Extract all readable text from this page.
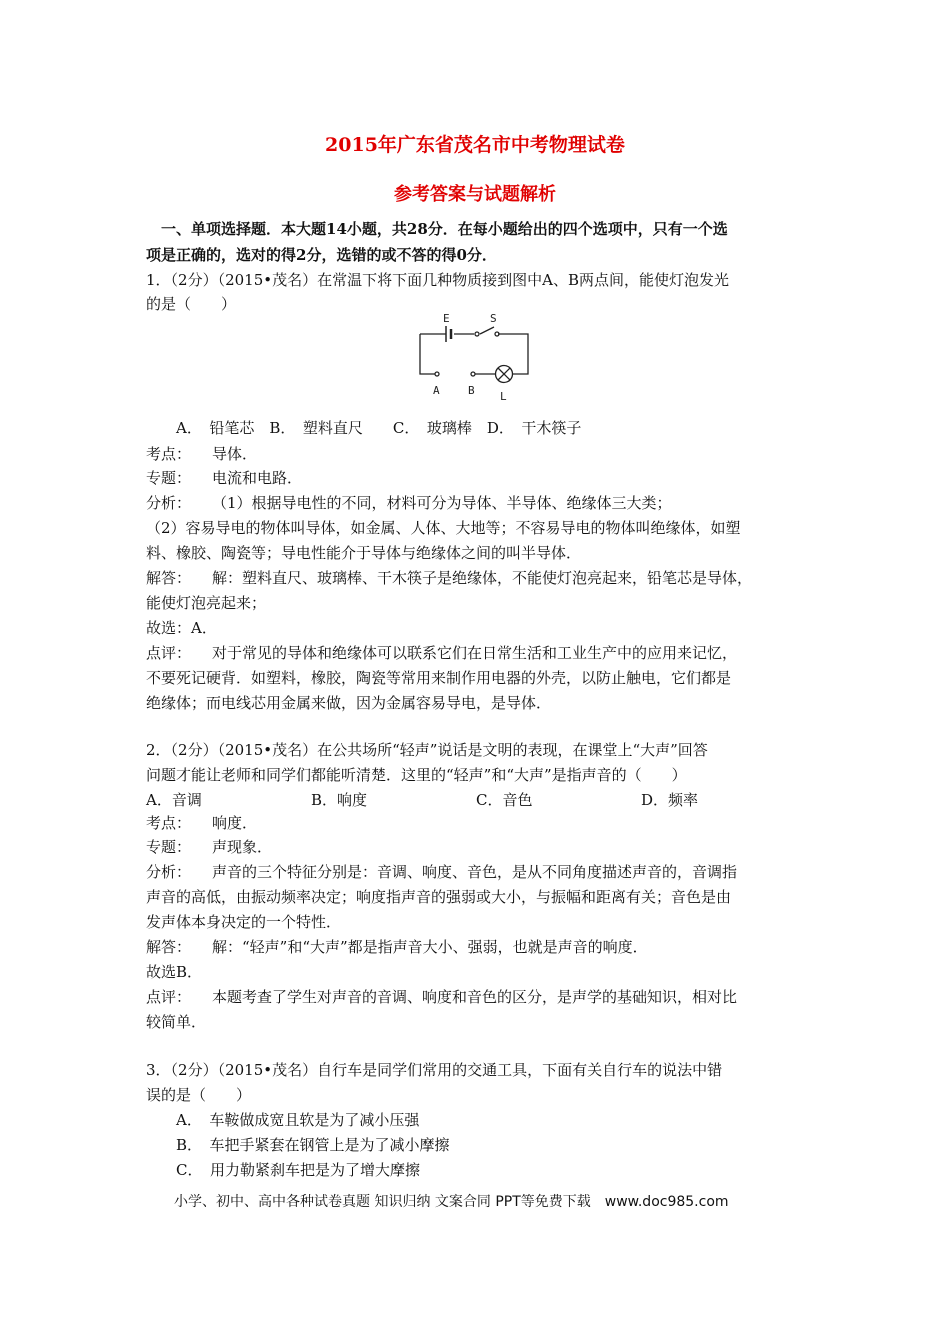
2015年广东省茂名市中考物理试卷
参考答案与试题解析
一、单项选择题．本大题14小题，共28分．在每小题给出的四个选项中，只有一个选
项是正确的，选对的得2分，选错的或不答的得0分．
1．（2分）（2015•茂名）在常温下将下面几种物质接到图中A、B两点间，能使灯泡发光
的是（　　）
E	S
A	B L
A．　铅笔芯　B．　塑料直尺　　C．　玻璃棒　D．　干木筷子
考点： 导体．
专题： 电流和电路．
分析： （1）根据导电性的不同，材料可分为导体、半导体、绝缘体三大类；
（2）容易导电的物体叫导体，如金属、人体、大地等；不容易导电的物体叫绝缘体，如塑
料、橡胶、陶瓷等；导电性能介于导体与绝缘体之间的叫半导体．
解答： 解：塑料直尺、玻璃棒、干木筷子是绝缘体，不能使灯泡亮起来，铅笔芯是导体，
能使灯泡亮起来；
故选：A．
点评： 对于常见的导体和绝缘体可以联系它们在日常生活和工业生产中的应用来记忆，
不要死记硬背．如塑料，橡胶，陶瓷等常用来制作用电器的外壳，以防止触电，它们都是
绝缘体；而电线芯用金属来做，因为金属容易导电，是导体．
2．（2分）（2015•茂名）在公共场所“轻声”说话是文明的表现，在课堂上“大声”回答
问题才能让老师和同学们都能听清楚．这里的“轻声”和“大声”是指声音的（　　）
A．音调	B．响度	C．音色	D．频率
考点： 响度．
专题： 声现象．
分析： 声音的三个特征分别是：音调、响度、音色，是从不同角度描述声音的，音调指
声音的高低，由振动频率决定；响度指声音的强弱或大小，与振幅和距离有关；音色是由
发声体本身决定的一个特性．
解答： 解：“轻声”和“大声”都是指声音大小、强弱，也就是声音的响度．
故选B．
点评： 本题考查了学生对声音的音调、响度和音色的区分，是声学的基础知识，相对比
较简单．
3．（2分）（2015•茂名）自行车是同学们常用的交通工具，下面有关自行车的说法中错
误的是（　　）
A．　车鞍做成宽且软是为了减小压强
B．　车把手紧套在钢管上是为了减小摩擦
C．　用力勒紧刹车把是为了增大摩擦
小学、初中、高中各种试卷真题 知识归纳 文案合同 PPT等免费下载　www.doc985.com
